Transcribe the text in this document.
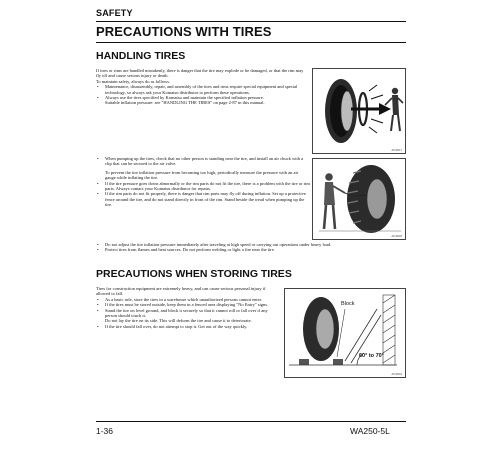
SAFETY
PRECAUTIONS WITH TIRES
HANDLING TIRES
If tires or rims are handled mistakenly, there is danger that the tire may explode or be damaged, or that the rim may fly off and cause serious injury or death.
To maintain safety, always do as follows.
• Maintenance, disassembly, repair, and assembly of the tires and rims require special equipment and special technology, so always ask your Komatsu distributor to perform these operations.
• Always use the tires specified by Komatsu and maintain the specified inflation pressure.
Suitable inflation pressure: see "HANDLING THE TIRES" on page 2-87 in this manual.
A6-SD17
• When pumping up the tires, check that no other person is standing near the tire, and install an air chuck with a clip that can be secured to the air valve.
To prevent the tire inflation pressure from becoming too high, periodically measure the pressure with an air gauge while inflating the tire.
• If the tire pressure goes down abnormally or the rim parts do not fit the tire, there is a problem with the tire or rim parts. Always contact your Komatsu distributor for repairs.
• If the rim parts do not fit properly, there is danger that rim parts may fly off during inflation. Set up a protective fence around the tire, and do not stand directly in front of the rim. Stand beside the tread when pumping up the tire.
A6-SD18
• Do not adjust the tire inflation pressure immediately after traveling at high speed or carrying out operations under heavy load.
• Protect tires from flames and heat sources. Do not perform welding or light a fire near the tire.
PRECAUTIONS WHEN STORING TIRES
Tires for construction equipment are extremely heavy, and can cause serious personal injury if allowed to fall.
• As a basic rule, store the tires in a warehouse which unauthorized persons cannot enter.
• If the tires must be stored outside, keep them in a fenced area displaying "No Entry" signs.
• Stand the tire on level ground, and block it securely so that it cannot roll or fall over if any person should touch it.
Do not lay the tire on its side. This will deform the tire and cause it to deteriorate.
• If the tire should fall over, do not attempt to stop it. Get out of the way quickly.
Block
60° to 70°
A6-SD19
1-36	WA250-5L
